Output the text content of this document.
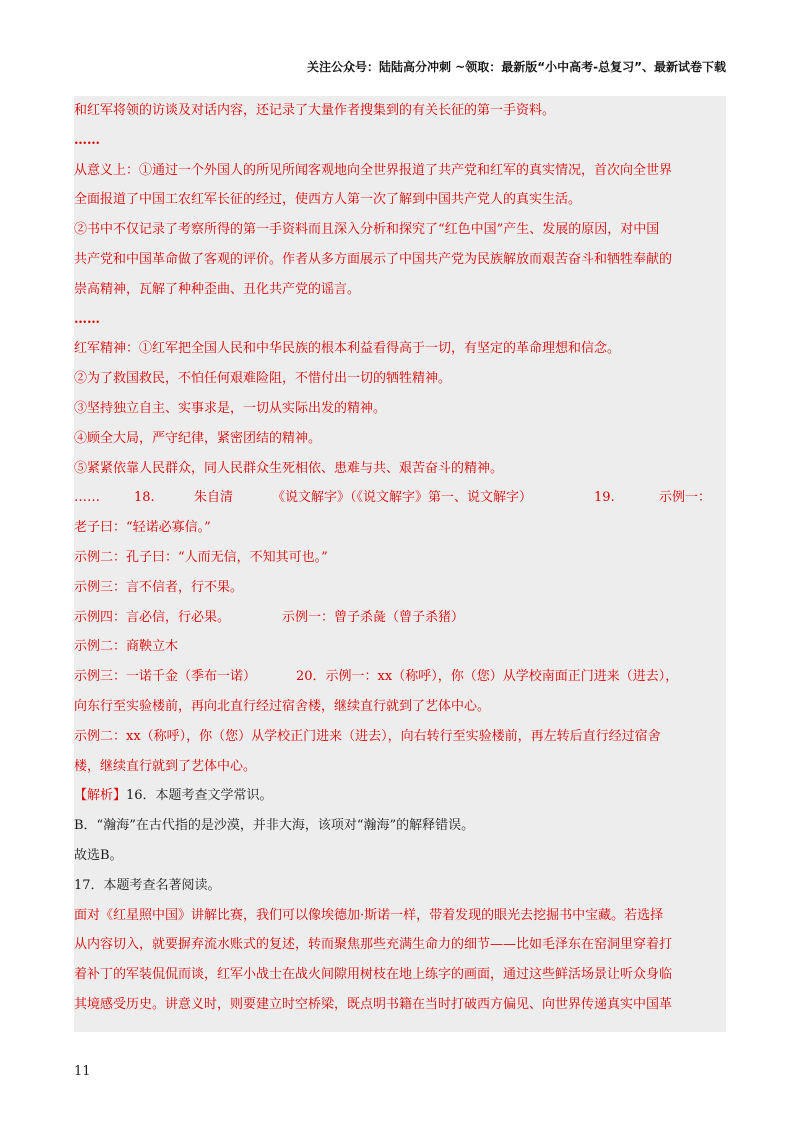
关注公众号：陆陆高分冲刺 ~领取：最新版“小中高考-总复习”、最新试卷下载
和红军将领的访谈及对话内容，还记录了大量作者搜集到的有关长征的第一手资料。
……
从意义上：①通过一个外国人的所见所闻客观地向全世界报道了共产党和红军的真实情况，首次向全世界
全面报道了中国工农红军长征的经过，使西方人第一次了解到中国共产党人的真实生活。
②书中不仅记录了考察所得的第一手资料而且深入分析和探究了“红色中国”产生、发展的原因，对中国
共产党和中国革命做了客观的评价。作者从多方面展示了中国共产党为民族解放而艰苦奋斗和牺牲奉献的
崇高精神，瓦解了种种歪曲、丑化共产党的谣言。
……
红军精神：①红军把全国人民和中华民族的根本利益看得高于一切，有坚定的革命理想和信念。
②为了救国救民，不怕任何艰难险阻，不惜付出一切的牺牲精神。
③坚持独立自主、实事求是，一切从实际出发的精神。
④顾全大局，严守纪律，紧密团结的精神。
⑤紧紧依靠人民群众，同人民群众生死相依、患难与共、艰苦奋斗的精神。
……	18.	朱自清	《说文解字》（《说文解字》第一、说文解字）	19.	示例一：
老子曰：“轻诺必寡信。”
示例二：孔子曰：“人而无信，不知其可也。”
示例三：言不信者，行不果。
示例四：言必信，行必果。	示例一：曾子杀彘（曾子杀猪）
示例二：商鞅立木
示例三：一诺千金（季布一诺）	20．示例一：xx（称呼），你（您）从学校南面正门进来（进去），
向东行至实验楼前，再向北直行经过宿舍楼，继续直行就到了艺体中心。
示例二：xx（称呼），你（您）从学校正门进来（进去），向右转行至实验楼前，再左转后直行经过宿舍
楼，继续直行就到了艺体中心。
【解析】16．本题考查文学常识。
B．“瀚海”在古代指的是沙漠，并非大海，该项对“瀚海”的解释错误。
故选B。
17．本题考查名著阅读。
面对《红星照中国》讲解比赛，我们可以像埃德加·斯诺一样，带着发现的眼光去挖掘书中宝藏。若选择
从内容切入，就要摒弃流水账式的复述，转而聚焦那些充满生命力的细节——比如毛泽东在窑洞里穿着打
着补丁的军装侃侃而谈，红军小战士在战火间隙用树枝在地上练字的画面，通过这些鲜活场景让听众身临
其境感受历史。讲意义时，则要建立时空桥梁，既点明书籍在当时打破西方偏见、向世界传递真实中国革
11
